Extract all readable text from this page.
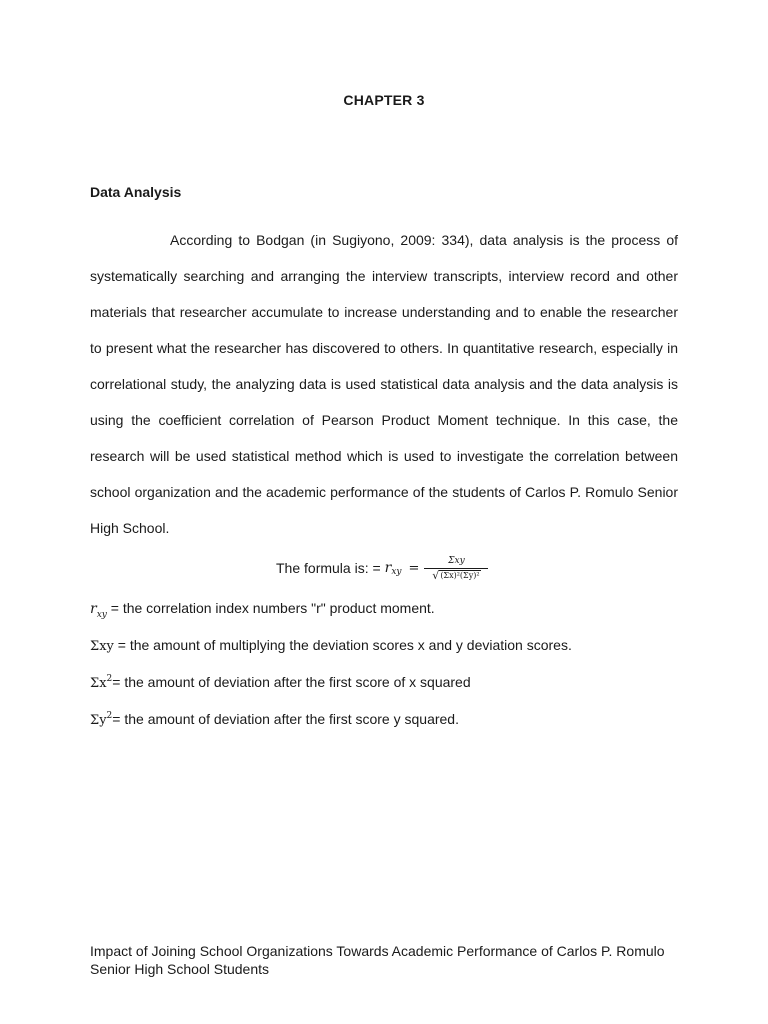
CHAPTER 3
Data Analysis

According to Bodgan (in Sugiyono, 2009: 334), data analysis is the process of systematically searching and arranging the interview transcripts, interview record and other materials that researcher accumulate to increase understanding and to enable the researcher to present what the researcher has discovered to others. In quantitative research, especially in correlational study, the analyzing data is used statistical data analysis and the data analysis is using the coefficient correlation of Pearson Product Moment technique. In this case, the research will be used statistical method which is used to investigate the correlation between school organization and the academic performance of the students of Carlos P. Romulo Senior High School.

The formula is: = r xy = $\frac{\text{Σxy}}{\text{√ (Σx)²(Σy)²}}$
$r_{xy}$ = the correlation index numbers "r" product moment.
Σxy = the amount of multiplying the deviation scores x and y deviation scores.
$\Sigma x^2=$ the amount of deviation after the first score of x squared
$\Sigma y^2=$ the amount of deviation after the first score y squared.

Impact of Joining School Organizations Towards Academic Performance of Carlos P. Romulo Senior High School Students
